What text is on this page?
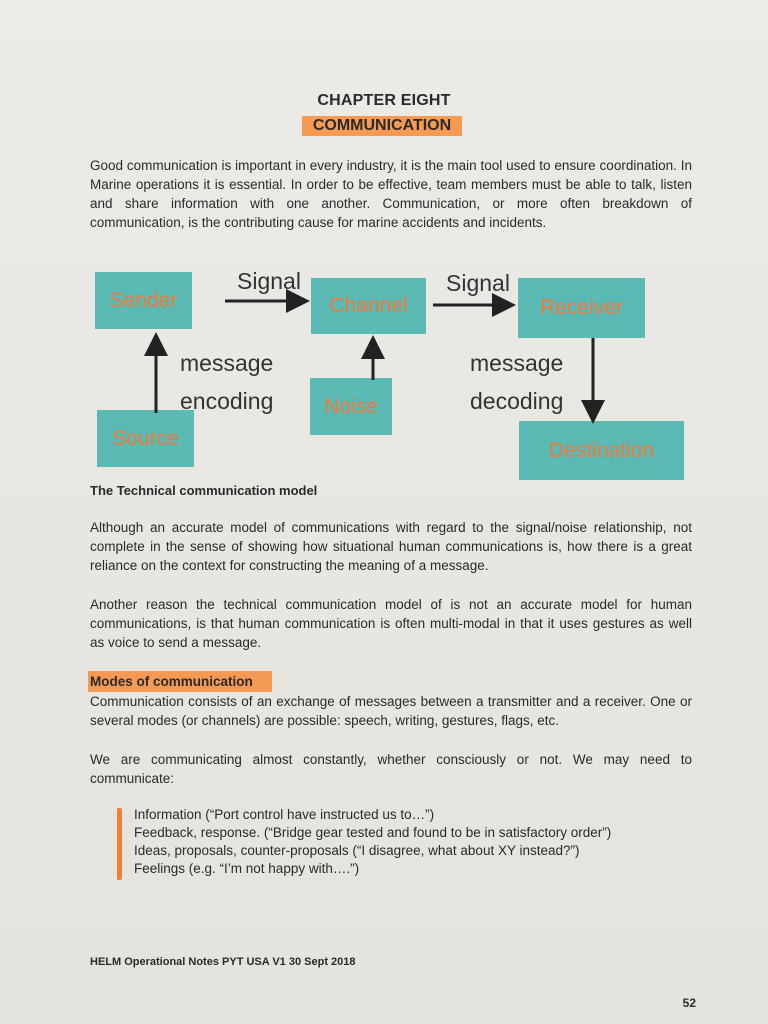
CHAPTER EIGHT
COMMUNICATION

Good communication is important in every industry, it is the main tool used to ensure coordination. In Marine operations it is essential. In order to be effective, team members must be able to talk, listen and share information with one another. Communication, or more often breakdown of communication, is the contributing cause for marine accidents and incidents.

Sender	Channel	Receiver
Source
Noise
Destination
Signal	Signal
message
encoding
message
decoding
The Technical communication model

Although an accurate model of communications with regard to the signal/noise relationship, not complete in the sense of showing how situational human communications is, how there is a great reliance on the context for constructing the meaning of a message.

Another reason the technical communication model of is not an accurate model for human communications, is that human communication is often multi-modal in that it uses gestures as well as voice to send a message.

Modes of communication

Communication consists of an exchange of messages between a transmitter and a receiver. One or several modes (or channels) are possible: speech, writing, gestures, flags, etc.

We are communicating almost constantly, whether consciously or not. We may need to communicate:

Information (“Port control have instructed us to…”)
Feedback, response. (“Bridge gear tested and found to be in satisfactory order”)
Ideas, proposals, counter-proposals (“I disagree, what about XY instead?”)
Feelings (e.g. “I’m not happy with….”)
HELM Operational Notes PYT USA V1 30 Sept 2018
52
